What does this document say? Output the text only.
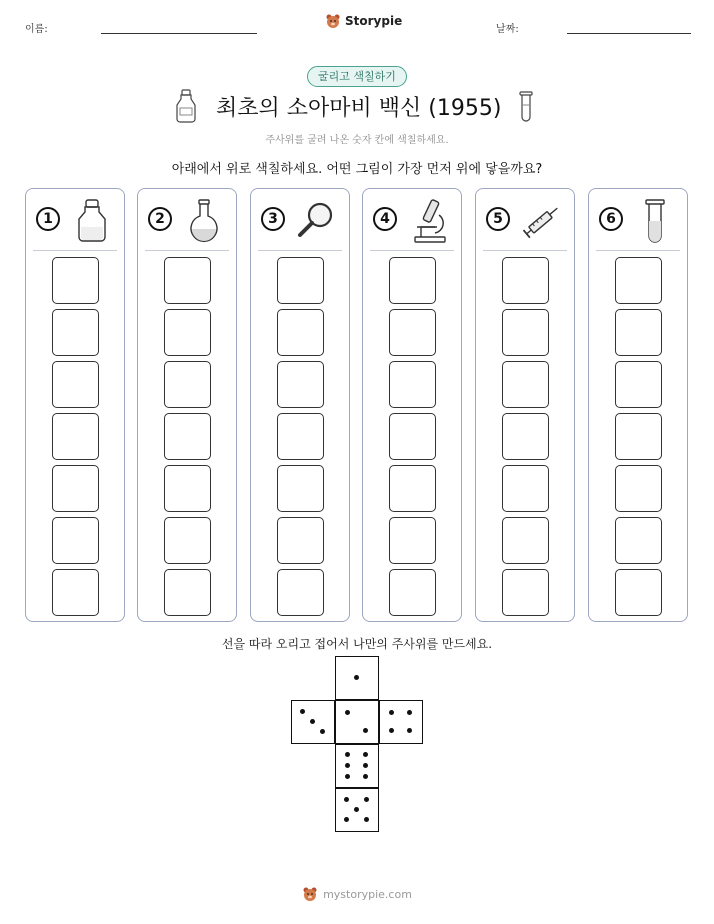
이름:
Storypie
날짜:
굴리고 색칠하기
최초의 소아마비 백신 (1955)
주사위를 굴려 나온 숫자 칸에 색칠하세요.
아래에서 위로 색칠하세요. 어떤 그림이 가장 먼저 위에 닿을까요?
1	2	3	4	5	6
선을 따라 오리고 접어서 나만의 주사위를 만드세요.
mystorypie.com
